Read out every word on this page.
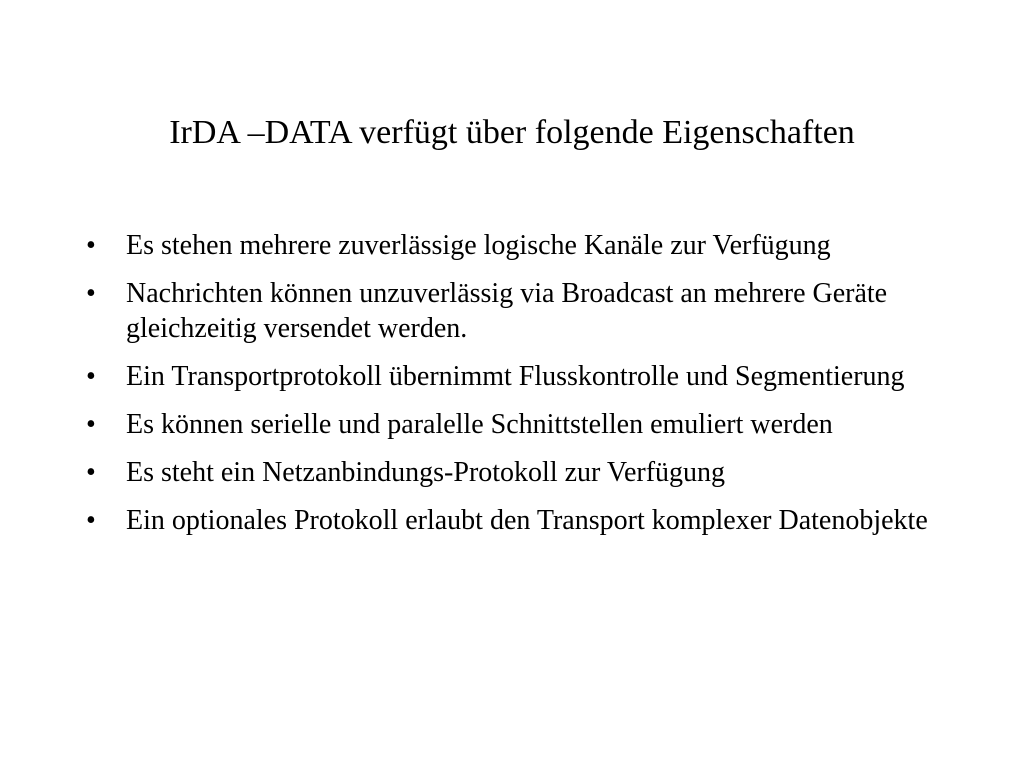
IrDA –DATA verfügt über folgende Eigenschaften
•	Es stehen mehrere zuverlässige logische Kanäle zur Verfügung
•	Nachrichten können unzuverlässig via Broadcast an mehrere Geräte gleichzeitig versendet werden.
•	Ein Transportprotokoll übernimmt Flusskontrolle und Segmentierung
•	Es können serielle und paralelle Schnittstellen emuliert werden
•	Es steht ein Netzanbindungs-Protokoll zur Verfügung
•	Ein optionales Protokoll erlaubt den Transport komplexer Datenobjekte
